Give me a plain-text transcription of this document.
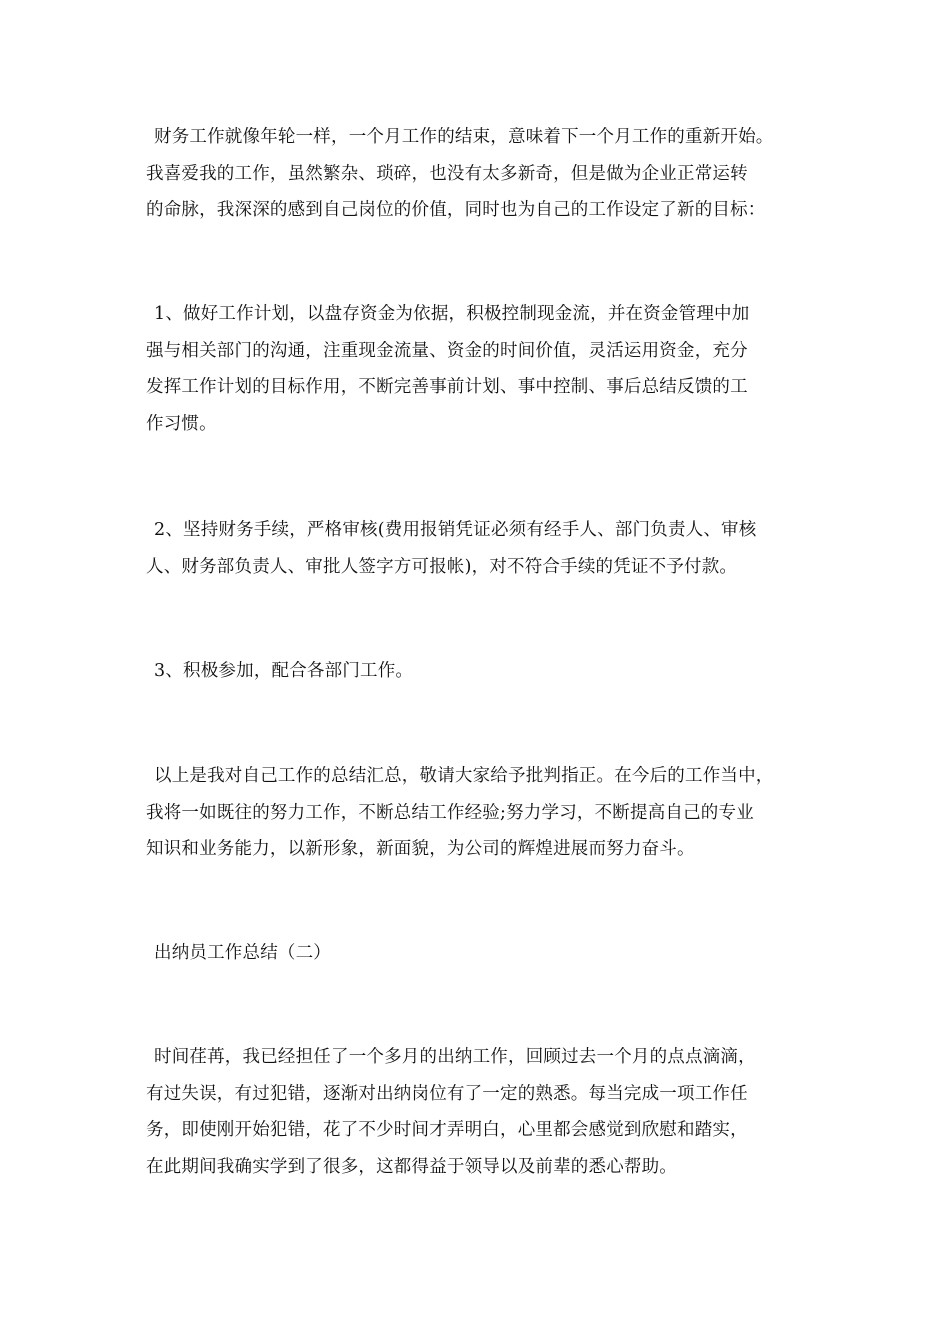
财务工作就像年轮一样，一个月工作的结束，意味着下一个月工作的重新开始。
我喜爱我的工作，虽然繁杂、琐碎，也没有太多新奇，但是做为企业正常运转
的命脉，我深深的感到自己岗位的价值，同时也为自己的工作设定了新的目标：
1、做好工作计划，以盘存资金为依据，积极控制现金流，并在资金管理中加
强与相关部门的沟通，注重现金流量、资金的时间价值，灵活运用资金，充分
发挥工作计划的目标作用，不断完善事前计划、事中控制、事后总结反馈的工
作习惯。
2、坚持财务手续，严格审核(费用报销凭证必须有经手人、部门负责人、审核
人、财务部负责人、审批人签字方可报帐)，对不符合手续的凭证不予付款。
3、积极参加，配合各部门工作。
以上是我对自己工作的总结汇总，敬请大家给予批判指正。在今后的工作当中，
我将一如既往的努力工作，不断总结工作经验;努力学习，不断提高自己的专业
知识和业务能力，以新形象，新面貌，为公司的辉煌进展而努力奋斗。
出纳员工作总结（二）
时间荏苒，我已经担任了一个多月的出纳工作，回顾过去一个月的点点滴滴，
有过失误，有过犯错，逐渐对出纳岗位有了一定的熟悉。每当完成一项工作任
务，即使刚开始犯错，花了不少时间才弄明白，心里都会感觉到欣慰和踏实，
在此期间我确实学到了很多，这都得益于领导以及前辈的悉心帮助。
